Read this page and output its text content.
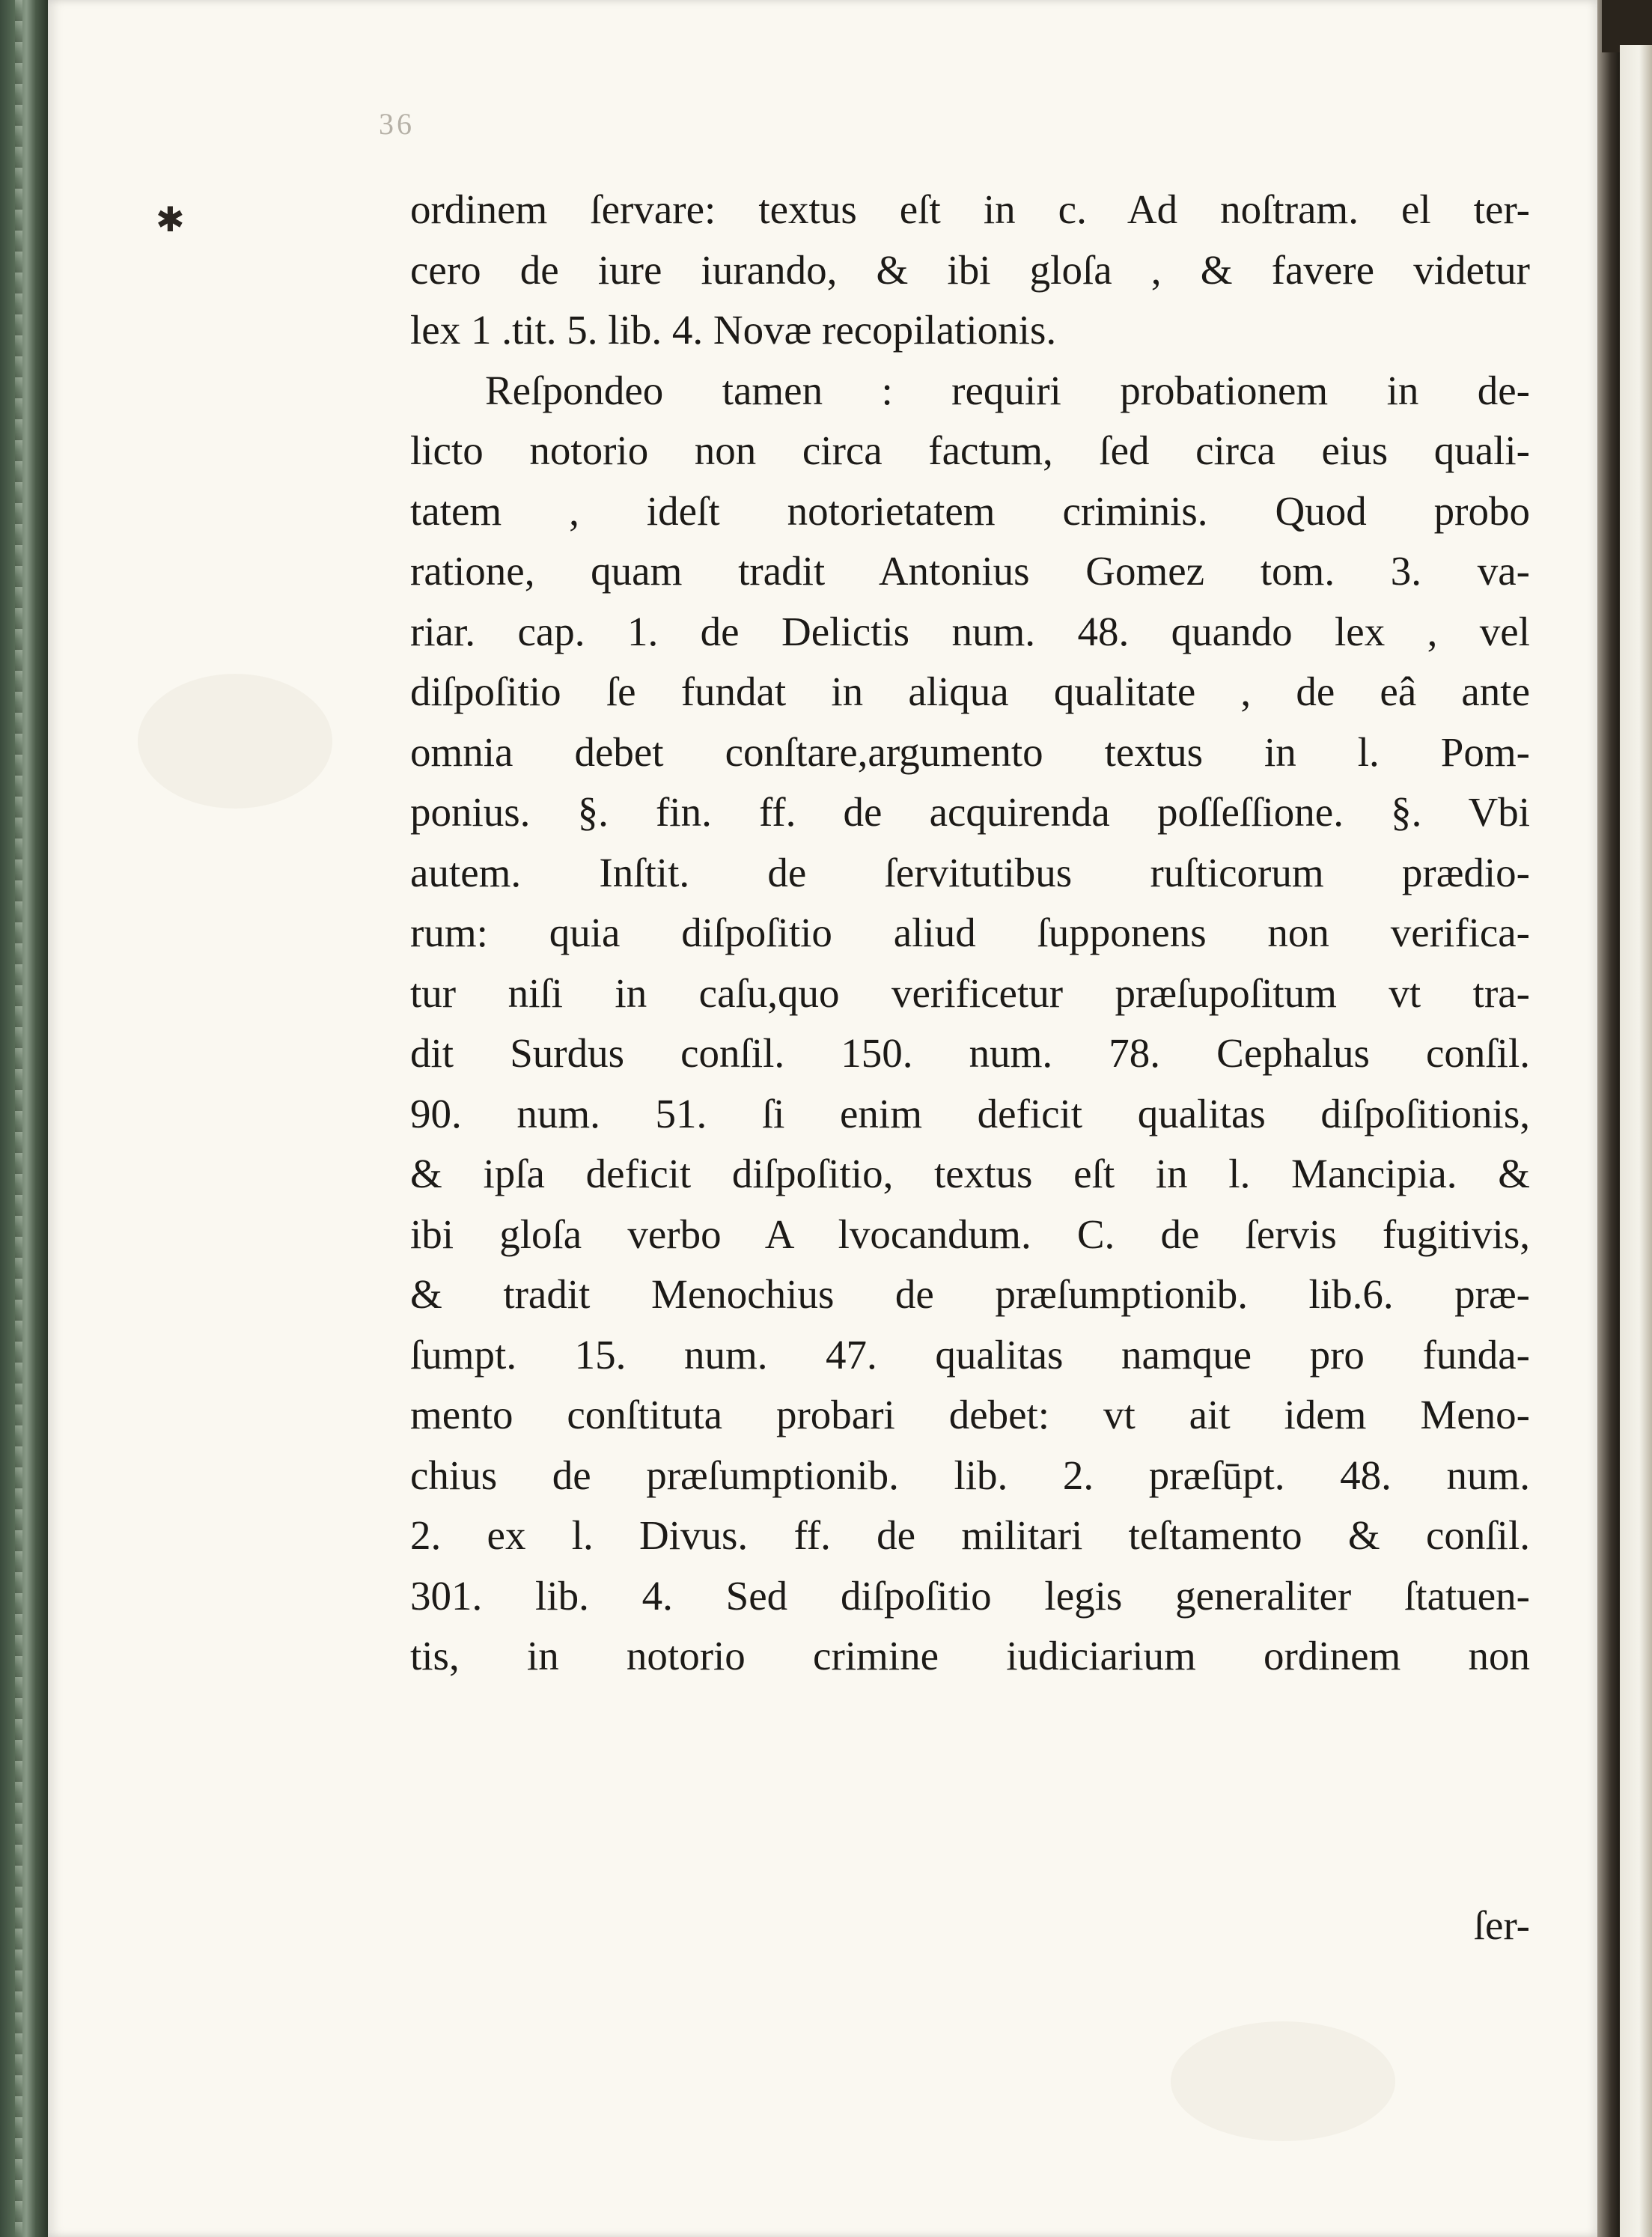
36
✱	ordinem ſervare: textus eſt in c. Ad noſtram. el ter-
cero de iure iurando, & ibi gloſa , & favere videtur
lex 1 .tit. 5. lib. 4. Novæ recopilationis.
Reſpondeo tamen : requiri probationem in de-
licto notorio non circa factum, ſed circa eius quali-
tatem , ideſt notorietatem criminis. Quod probo
ratione, quam tradit Antonius Gomez tom. 3. va-
riar. cap. 1. de Delictis num. 48. quando lex , vel
diſpoſitio ſe fundat in aliqua qualitate , de eâ ante
omnia debet conſtare,argumento textus in l. Pom-
ponius. §. fin. ff. de acquirenda poſſeſſione. §. Vbi
autem. Inſtit. de ſervitutibus ruſticorum prædio-
rum: quia diſpoſitio aliud ſupponens non verifica-
tur niſi in caſu,quo verificetur præſupoſitum vt tra-
dit Surdus conſil. 150. num. 78. Cephalus conſil.
90. num. 51. ſi enim deficit qualitas diſpoſitionis,
& ipſa deficit diſpoſitio, textus eſt in l. Mancipia. &
ibi gloſa verbo A lvocandum. C. de ſervis fugitivis,
& tradit Menochius de præſumptionib. lib.6. præ-
ſumpt. 15. num. 47. qualitas namque pro funda-
mento conſtituta probari debet: vt ait idem Meno-
chius de præſumptionib. lib. 2. præſūpt. 48. num.
2. ex l. Divus. ff. de militari teſtamento & conſil.
301. lib. 4. Sed diſpoſitio legis generaliter ſtatuen-
tis, in notorio crimine iudiciarium ordinem non
ſer-
